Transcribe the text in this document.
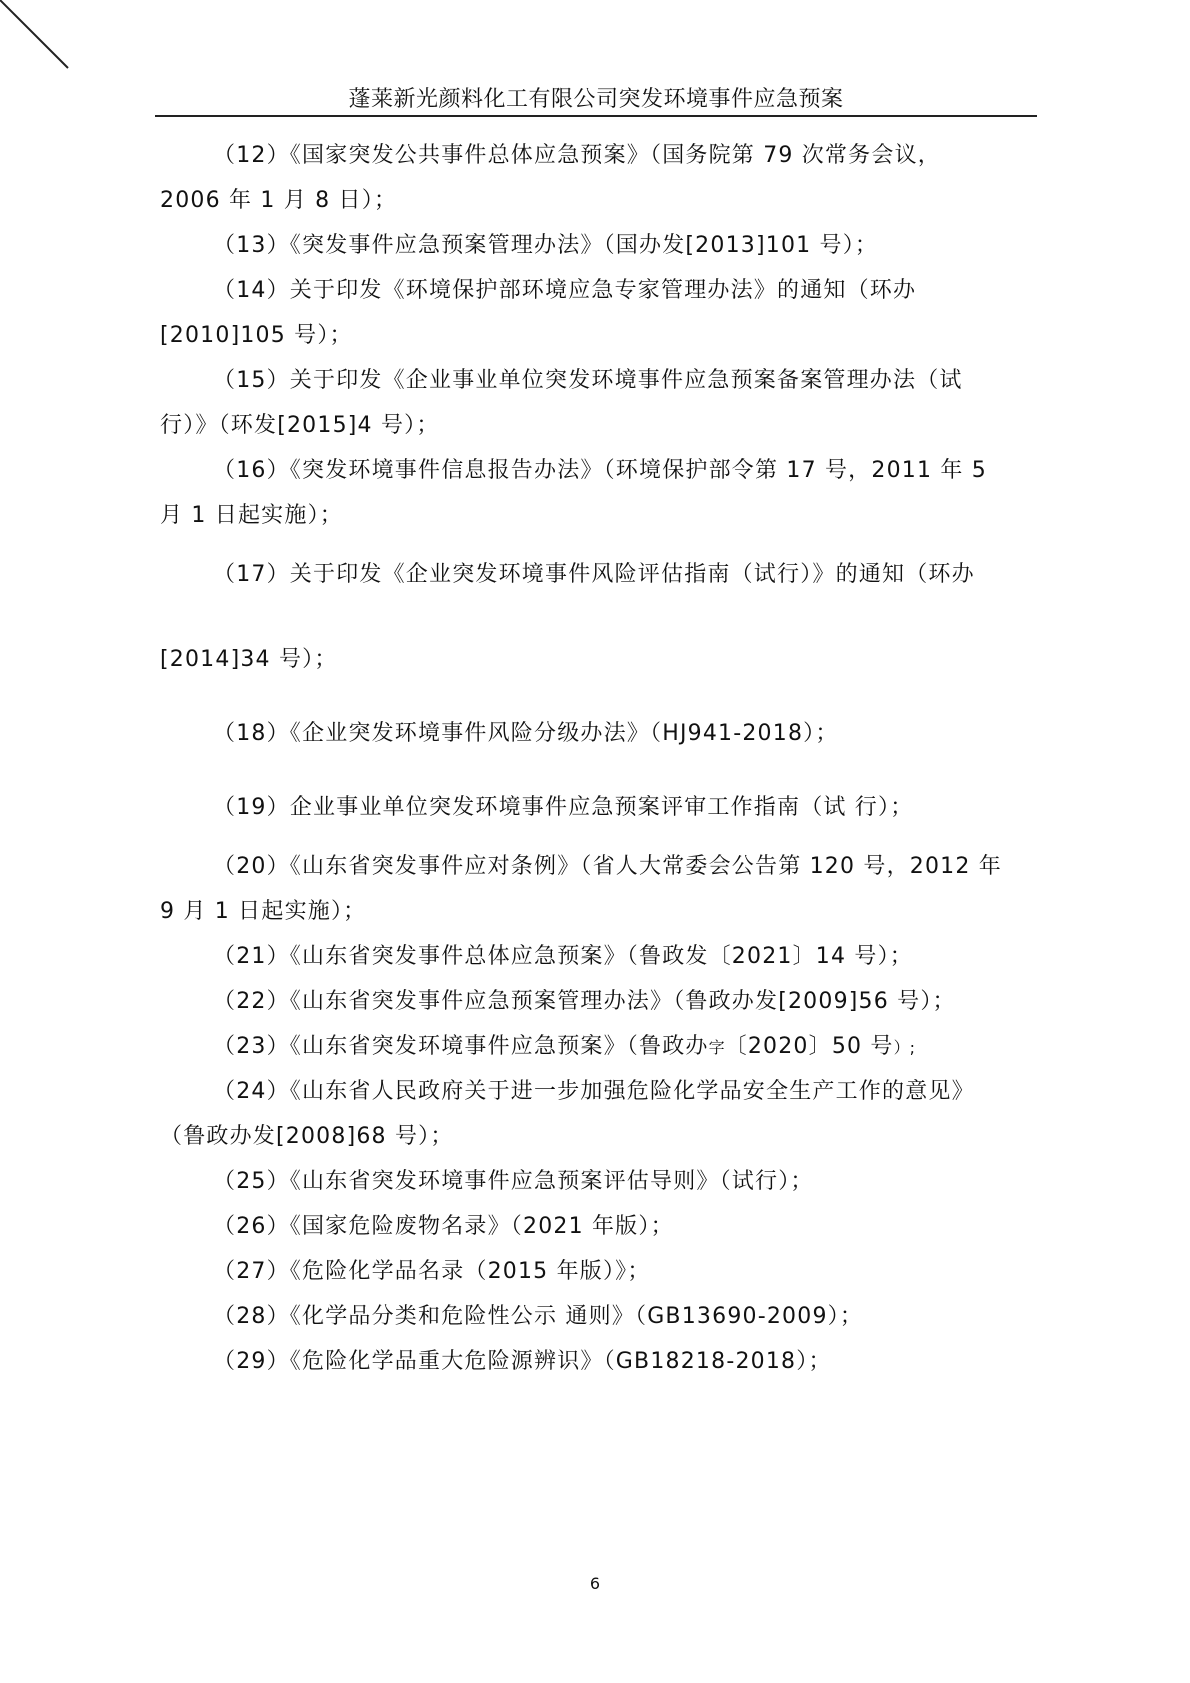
蓬莱新光颜料化工有限公司突发环境事件应急预案
（12）《国家突发公共事件总体应急预案》（国务院第 79 次常务会议，
2006 年 1 月 8 日）；
（13）《突发事件应急预案管理办法》（国办发[2013]101 号）；
（14）关于印发《环境保护部环境应急专家管理办法》的通知（环办
[2010]105 号）；
（15）关于印发《企业事业单位突发环境事件应急预案备案管理办法（试
行）》（环发[2015]4 号）；
（16）《突发环境事件信息报告办法》（环境保护部令第 17 号，2011 年 5
月 1 日起实施）；
（17）关于印发《企业突发环境事件风险评估指南（试行）》的通知（环办
[2014]34 号）；
（18）《企业突发环境事件风险分级办法》（HJ941-2018）；
（19）企业事业单位突发环境事件应急预案评审工作指南（试 行）；
（20）《山东省突发事件应对条例》（省人大常委会公告第 120 号，2012 年
9 月 1 日起实施）；
（21）《山东省突发事件总体应急预案》（鲁政发〔2021〕14 号）；
（22）《山东省突发事件应急预案管理办法》（鲁政办发[2009]56 号）；
（23）《山东省突发环境事件应急预案》（鲁政办字〔2020〕50 号）;
（24）《山东省人民政府关于进一步加强危险化学品安全生产工作的意见》
（鲁政办发[2008]68 号）；
（25）《山东省突发环境事件应急预案评估导则》（试行）；
（26）《国家危险废物名录》（2021 年版）；
（27）《危险化学品名录（2015 年版）》；
（28）《化学品分类和危险性公示 通则》（GB13690-2009）；
（29）《危险化学品重大危险源辨识》（GB18218-2018）；
6
